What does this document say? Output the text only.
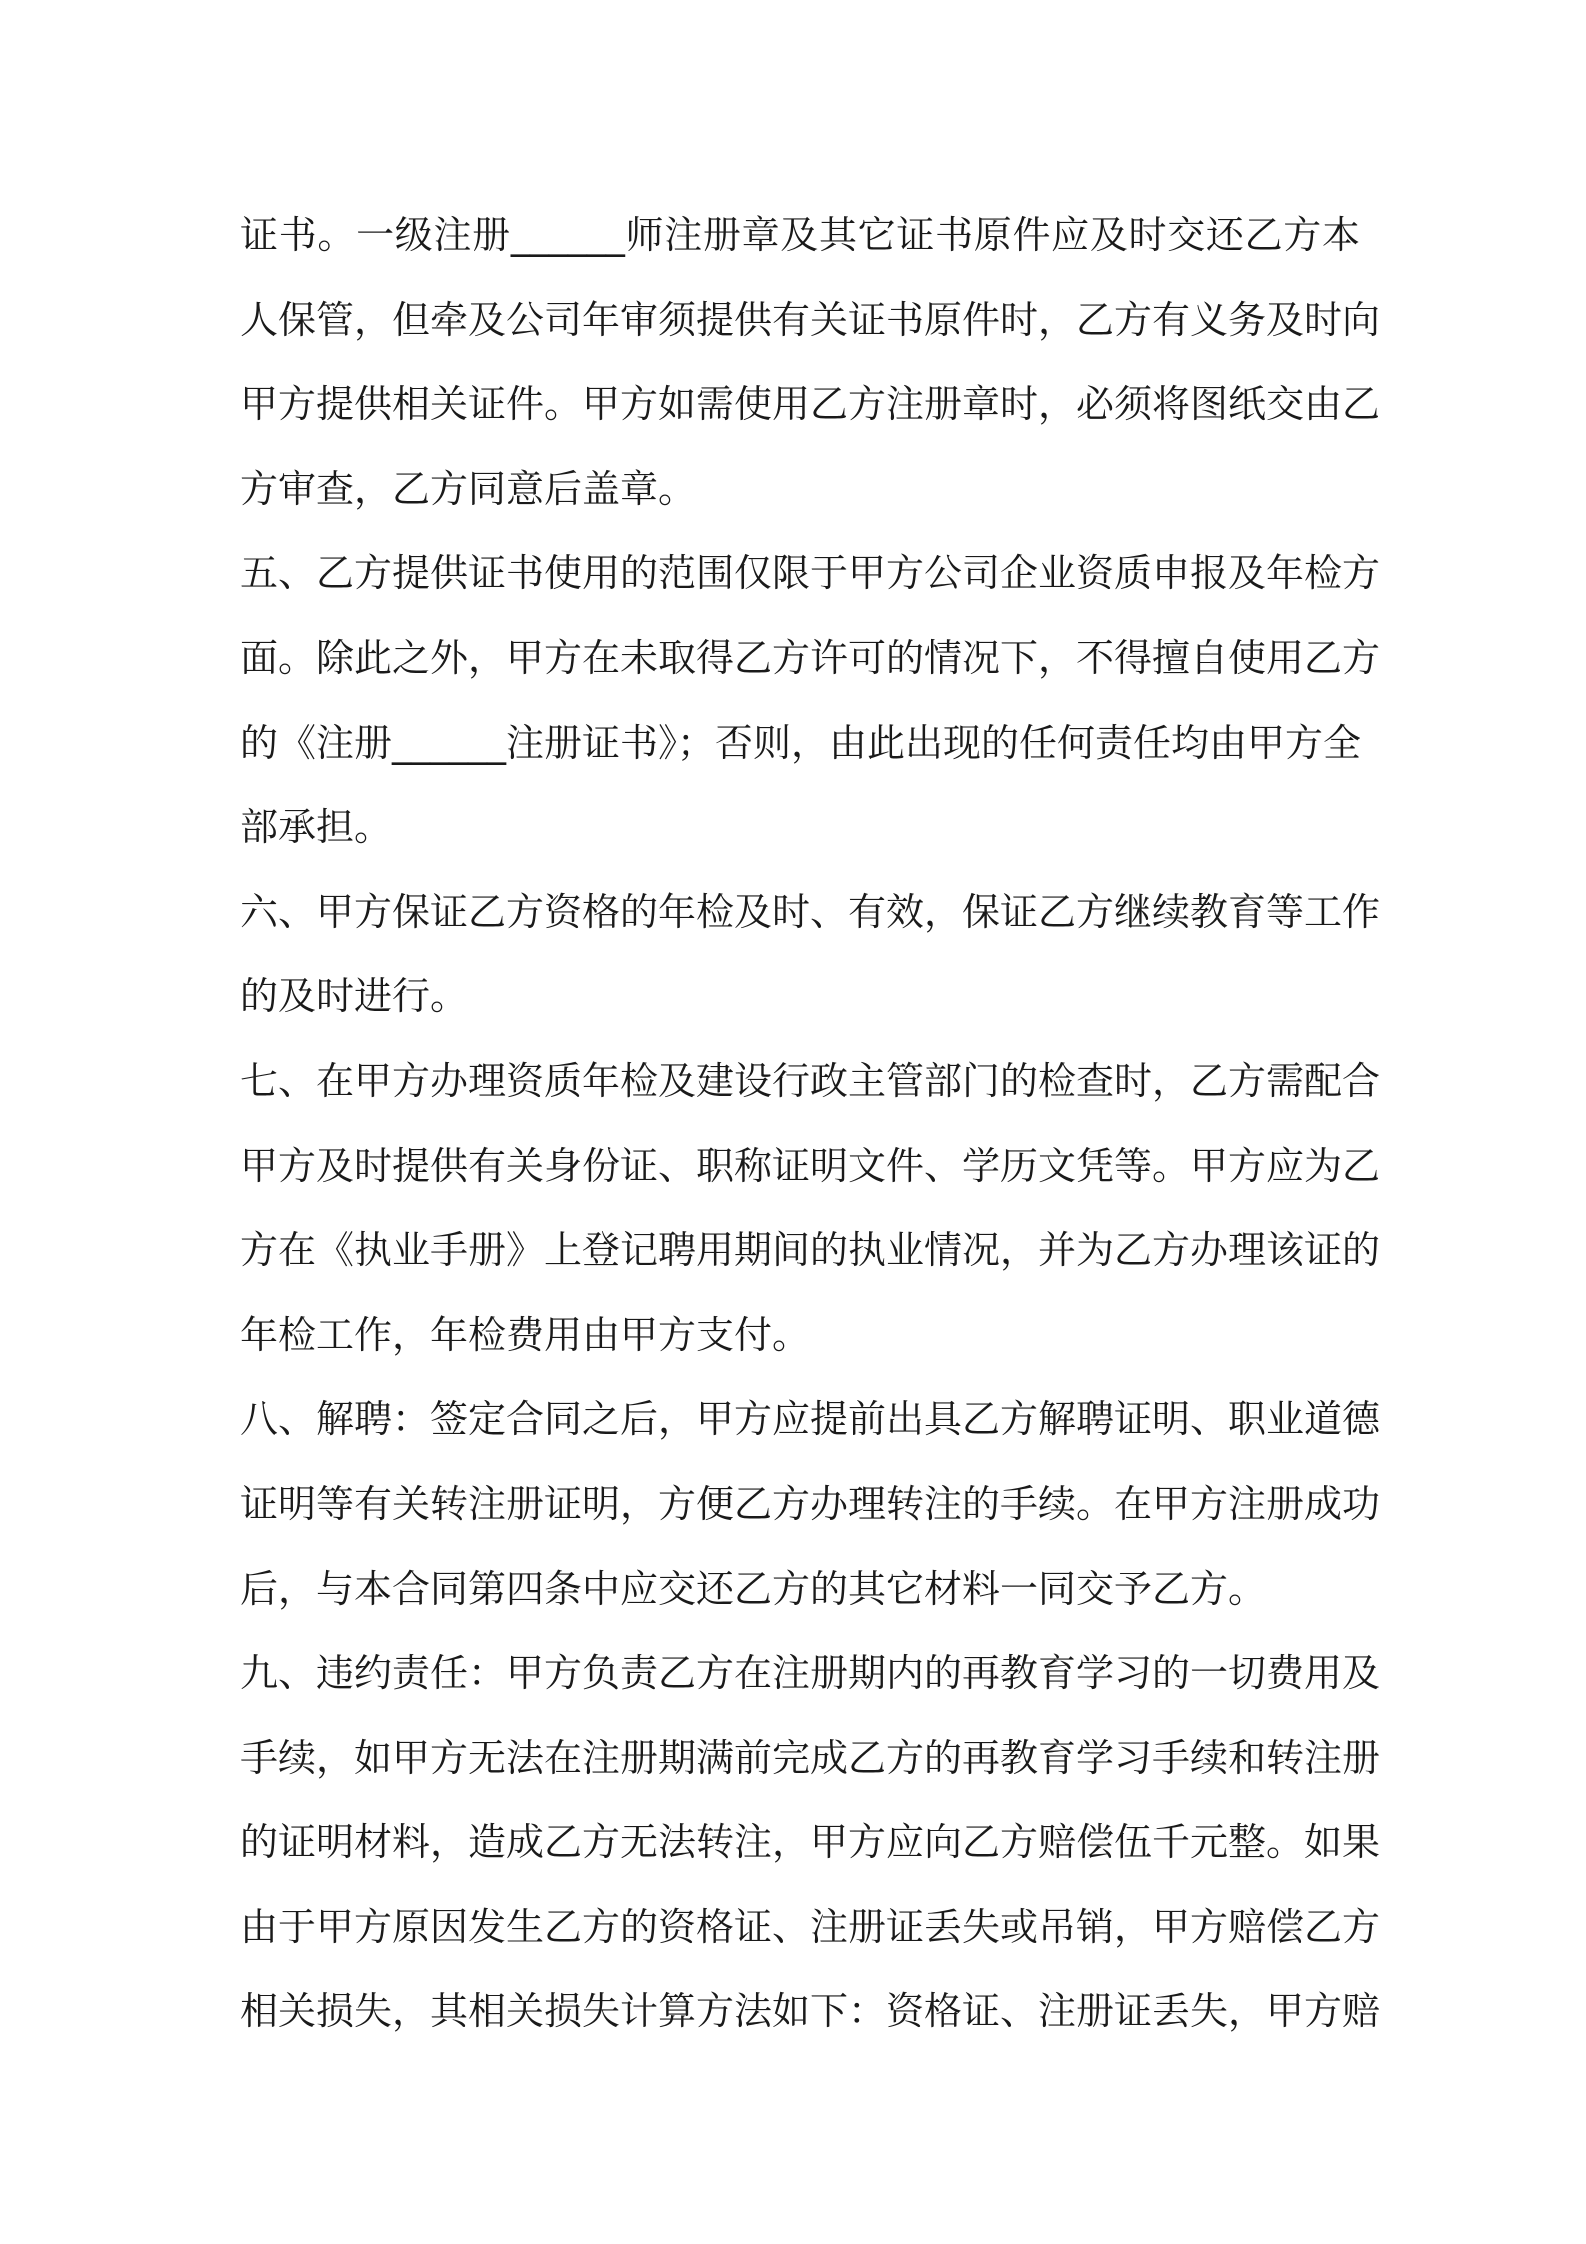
证书。一级注册______师注册章及其它证书原件应及时交还乙方本
人保管，但牵及公司年审须提供有关证书原件时，乙方有义务及时向
甲方提供相关证件。甲方如需使用乙方注册章时，必须将图纸交由乙
方审查，乙方同意后盖章。
五、乙方提供证书使用的范围仅限于甲方公司企业资质申报及年检方
面。除此之外，甲方在未取得乙方许可的情况下，不得擅自使用乙方
的《注册______注册证书》；否则，由此出现的任何责任均由甲方全
部承担。
六、甲方保证乙方资格的年检及时、有效，保证乙方继续教育等工作
的及时进行。
七、在甲方办理资质年检及建设行政主管部门的检查时，乙方需配合
甲方及时提供有关身份证、职称证明文件、学历文凭等。甲方应为乙
方在《执业手册》上登记聘用期间的执业情况，并为乙方办理该证的
年检工作，年检费用由甲方支付。
八、解聘：签定合同之后，甲方应提前出具乙方解聘证明、职业道德
证明等有关转注册证明，方便乙方办理转注的手续。在甲方注册成功
后，与本合同第四条中应交还乙方的其它材料一同交予乙方。
九、违约责任：甲方负责乙方在注册期内的再教育学习的一切费用及
手续，如甲方无法在注册期满前完成乙方的再教育学习手续和转注册
的证明材料，造成乙方无法转注，甲方应向乙方赔偿伍千元整。如果
由于甲方原因发生乙方的资格证、注册证丢失或吊销，甲方赔偿乙方
相关损失，其相关损失计算方法如下：资格证、注册证丢失，甲方赔
